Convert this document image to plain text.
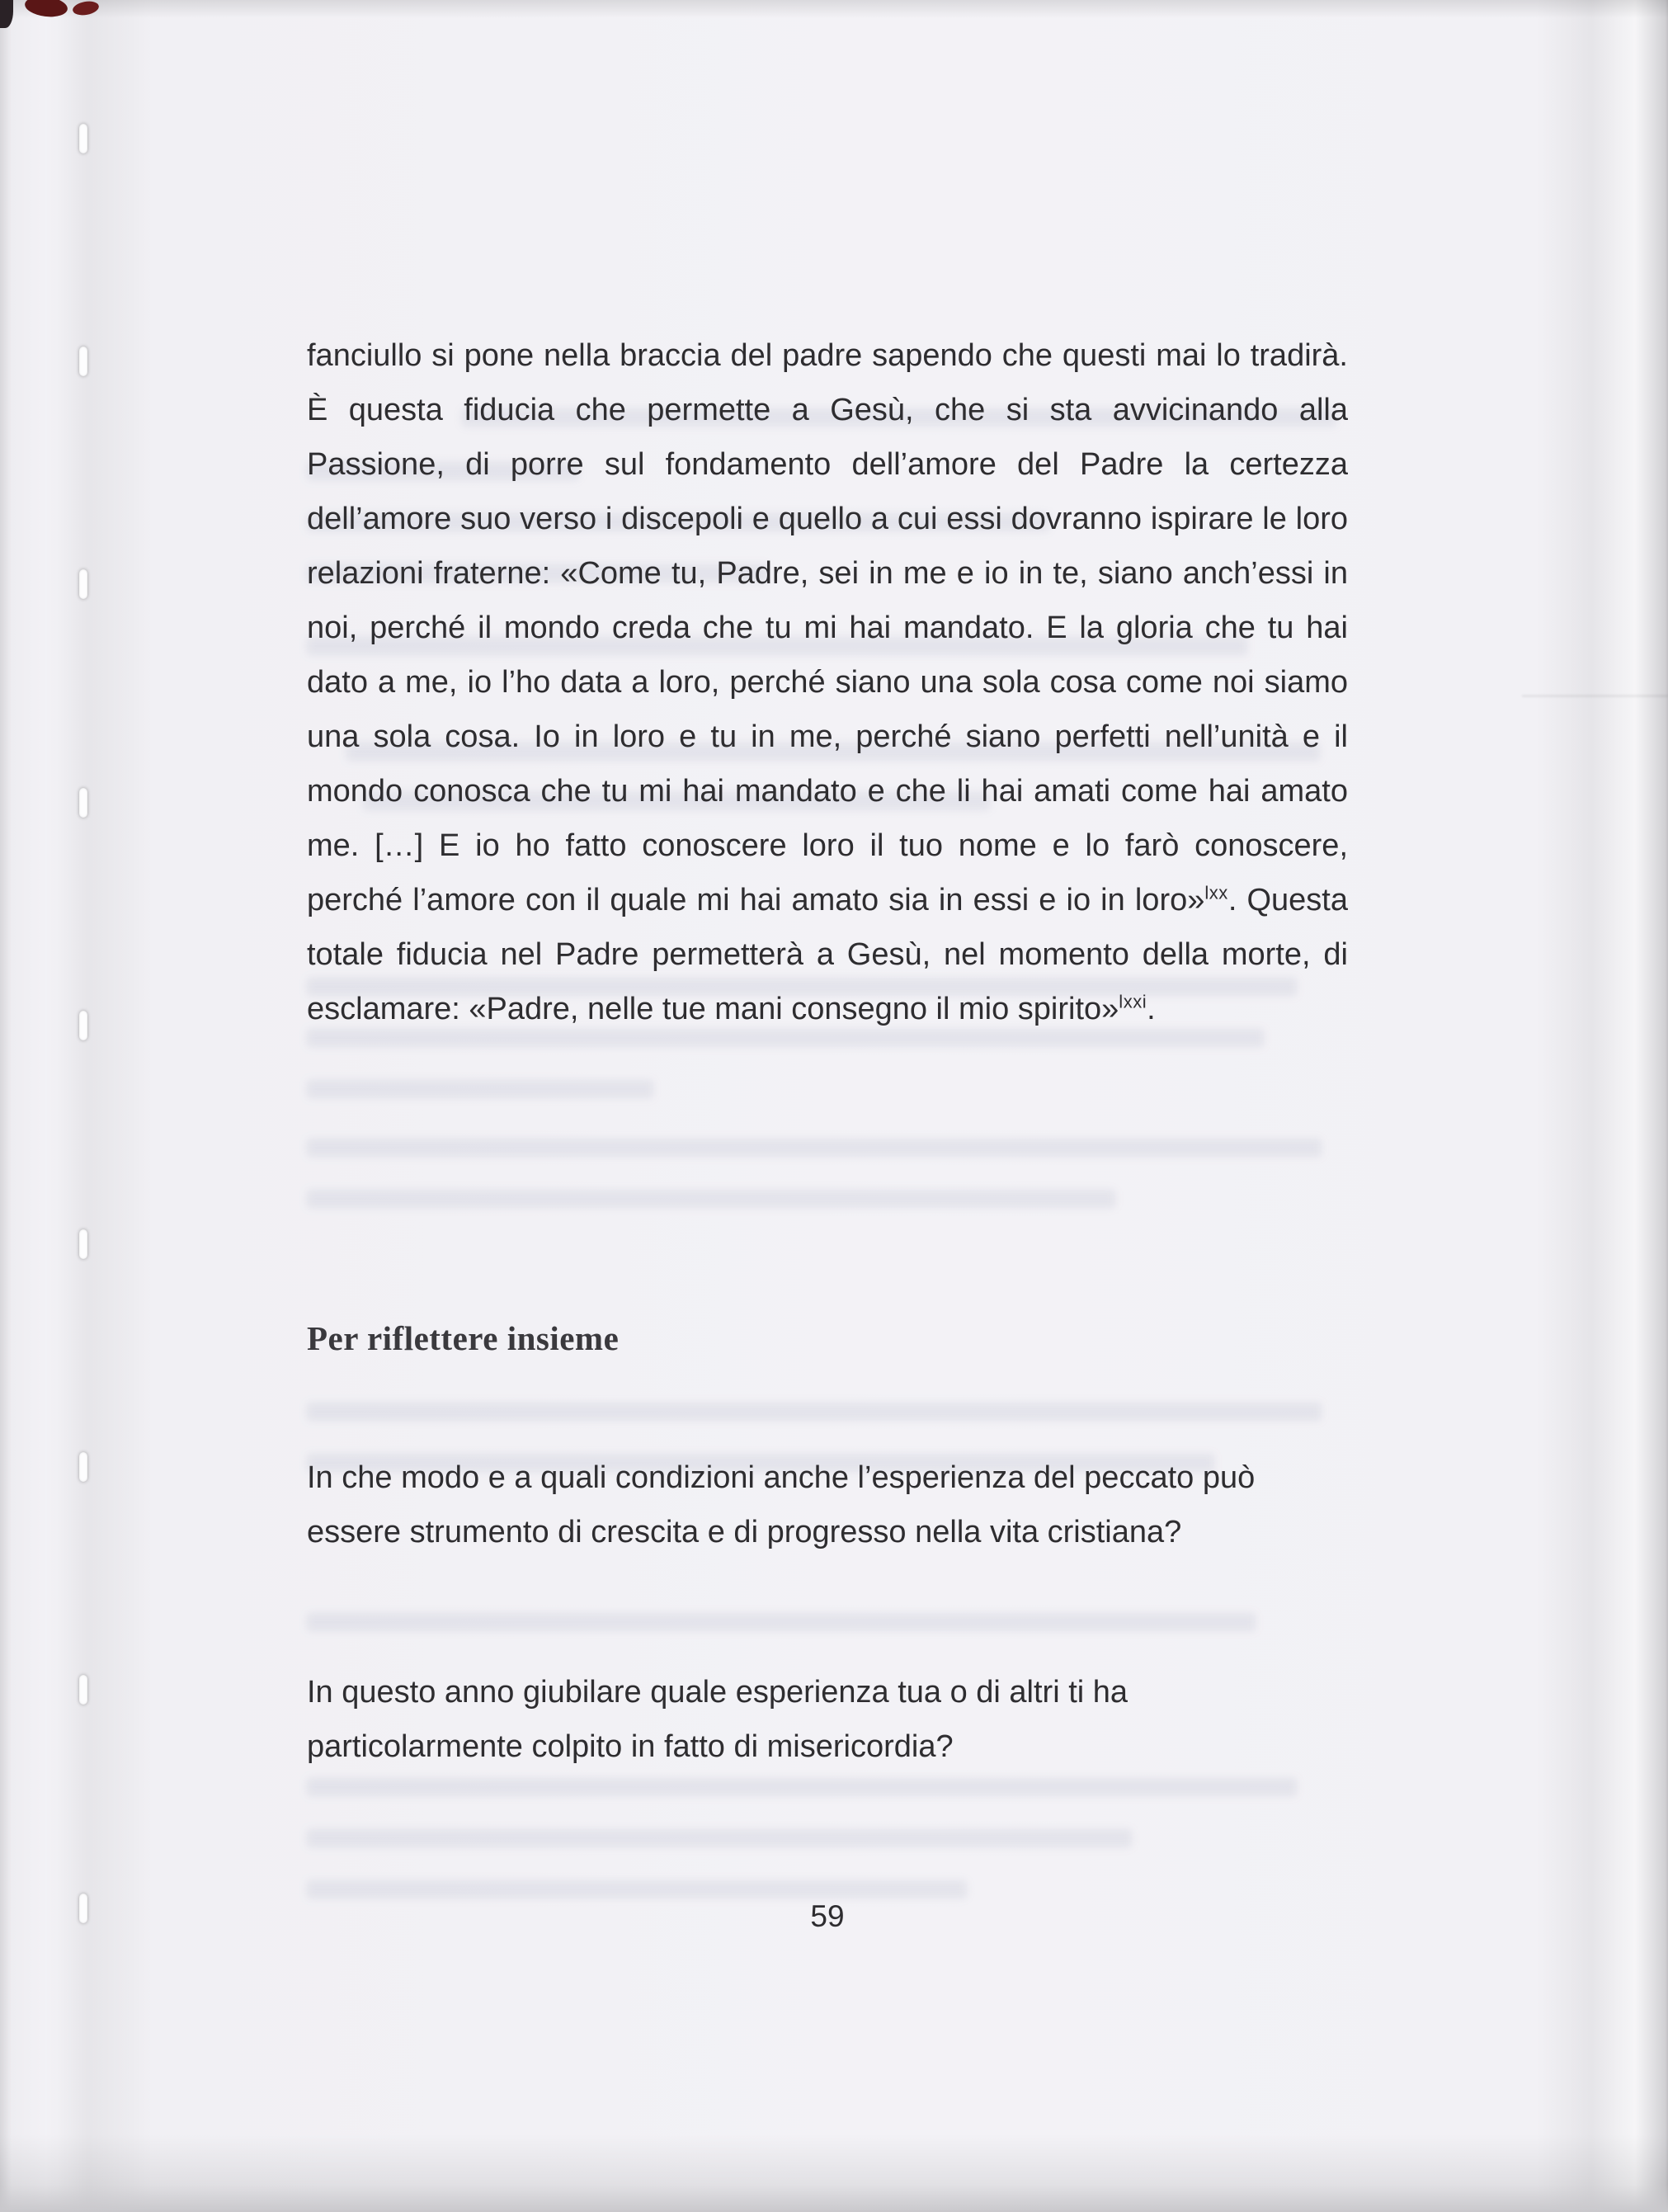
fanciullo si pone nella braccia del padre sapendo che questi mai lo tradirà. È questa fiducia che permette a Gesù, che si sta avvicinando alla Passione, di porre sul fondamento dell’amore del Padre la certezza dell’amore suo verso i discepoli e quello a cui essi dovranno ispirare le loro relazioni fraterne: «Come tu, Padre, sei in me e io in te, siano anch’essi in noi, perché il mondo creda che tu mi hai mandato. E la gloria che tu hai dato a me, io l’ho data a loro, perché siano una sola cosa come noi siamo una sola cosa. Io in loro e tu in me, perché siano perfetti nell’unità e il mondo conosca che tu mi hai mandato e che li hai amati come hai amato me. […] E io ho fatto conoscere loro il tuo nome e lo farò conoscere, perché l’amore con il quale mi hai amato sia in essi e io in loro»$^{lxx}$. Questa totale fiducia nel Padre permetterà a Gesù, nel momento della morte, di esclamare: «Padre, nelle tue mani consegno il mio spirito»$^{lxxi}$.
Per riflettere insieme

In che modo e a quali condizioni anche l’esperienza del peccato può essere strumento di crescita e di progresso nella vita cristiana?

In questo anno giubilare quale esperienza tua o di altri ti ha particolarmente colpito in fatto di misericordia?

59
